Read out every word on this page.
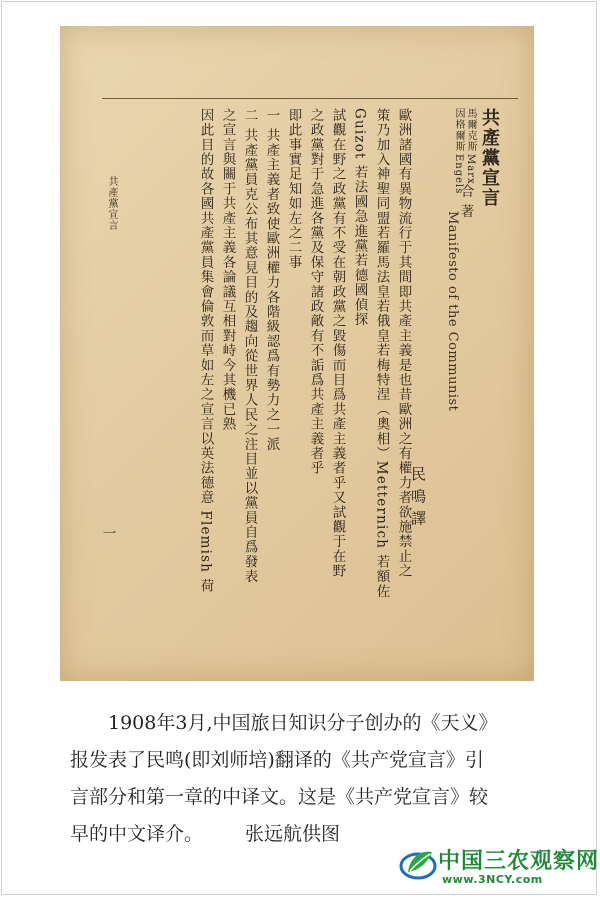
共產黨宣言
Manifesto of the Communist
馬爾克斯
因格爾斯
Marx
Engels
合 著
民 鳴 譯
歐洲諸國有異物流行于其間即共產主義是也昔歐洲之有權力者欲施禁止之
策乃加入神聖同盟若羅馬法皇若俄皇若梅特涅（奧相）Metternich 若額佐
Guizot 若法國急進黨若德國偵探
試觀在野之政黨有不受在朝政黨之毀傷而目爲共產主義者乎又試觀于在野
之政黨對于急進各黨及保守諸政敵有不詬爲共產主義者乎
即此事實足知如左之二事
一 共產主義者致使歐洲權力各階級認爲有勢力之一派
二 共產黨員克公布其意見目的及趨向從世界人民之注目並以黨員自爲發表
之宣言與關于共產主義各論議互相對峙今其機已熟
因此目的故各國共產黨員集會倫敦而草如左之宣言以英法德意 Flemish 荷
共產黨宣言
一

1908年3月,中国旅日知识分子创办的《天义》

报发表了民鸣(即刘师培)翻译的《共产党宣言》引

言部分和第一章的中译文。这是《共产党宣言》较

早的中文译介。 张远航供图

中国三农观察网
www.3NCY.com
